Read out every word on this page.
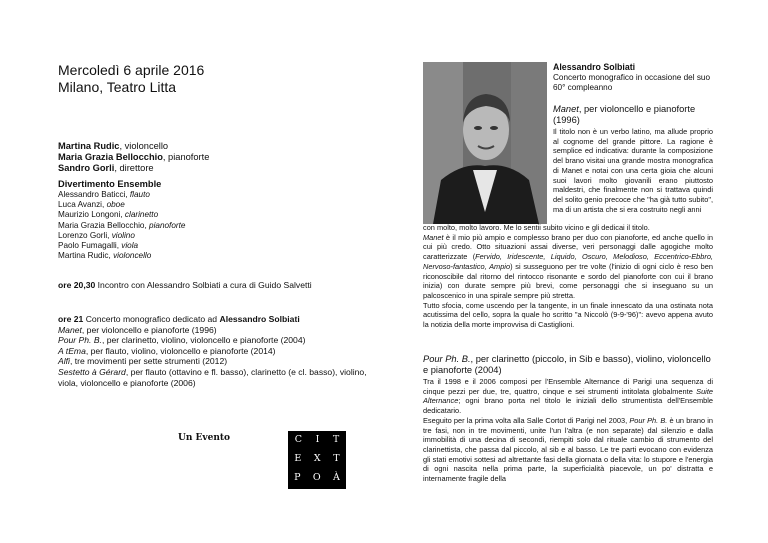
Mercoledì 6 aprile 2016
Milano, Teatro Litta
Martina Rudic, violoncello
Maria Grazia Bellocchio, pianoforte
Sandro Gorli, direttore
Divertimento Ensemble
Alessandro Baticci, flauto
Luca Avanzi, oboe
Maurizio Longoni, clarinetto
Maria Grazia Bellocchio, pianoforte
Lorenzo Gorli, violino
Paolo Fumagalli, viola
Martina Rudic, violoncello
ore 20,30 Incontro con Alessandro Solbiati a cura di Guido Salvetti
ore 21 Concerto monografico dedicato ad Alessandro Solbiati
Manet, per violoncello e pianoforte (1996)
Pour Ph. B., per clarinetto, violino, violoncello e pianoforte (2004)
A tEma, per flauto, violino, violoncello e pianoforte (2014)
Alfi, tre movimenti per sette strumenti (2012)
Sestetto à Gérard, per flauto (ottavino e fl. basso), clarinetto (e cl. basso), violino, viola, violoncello e pianoforte (2006)
Un Evento	C I T
E X T
P O À
Alessandro Solbiati
Concerto monografico in occasione del suo 60° compleanno
Manet, per violoncello e pianoforte (1996)
Il titolo non è un verbo latino, ma allude proprio al cognome del grande pittore. La ragione è semplice ed indicativa: durante la composizione del brano visitai una grande mostra monografica di Manet e notai con una certa gioia che alcuni suoi lavori molto giovanili erano piuttosto maldestri, che finalmente non si trattava quindi del solito genio precoce che "ha già tutto subito", ma di un artista che si era costruito negli anni
con molto, molto lavoro. Me lo sentii subito vicino e gli dedicai il titolo.
Manet è il mio più ampio e complesso brano per duo con pianoforte, ed anche quello in cui più credo. Otto situazioni assai diverse, veri personaggi dalle agogiche molto caratterizzate (Fervido, Iridescente, Liquido, Oscuro, Melodioso, Eccentrico-Ebbro, Nervoso-fantastico, Ampio) si susseguono per tre volte (l'inizio di ogni ciclo è reso ben riconoscibile dal ritorno del rintocco risonante e sordo del pianoforte con cui il brano inizia) con durate sempre più brevi, come personaggi che si inseguano su un palcoscenico in una spirale sempre più stretta.
Tutto sfocia, come uscendo per la tangente, in un finale innescato da una ostinata nota acutissima del cello, sopra la quale ho scritto "a Niccolò (9-9-'96)": avevo appena avuto la notizia della morte improvvisa di Castiglioni.
Pour Ph. B., per clarinetto (piccolo, in Sib e basso), violino, violoncello e pianoforte (2004)
Tra il 1998 e il 2006 composi per l'Ensemble Alternance di Parigi una sequenza di cinque pezzi per due, tre, quattro, cinque e sei strumenti intitolata globalmente Suite Alternance; ogni brano porta nel titolo le iniziali dello strumentista dell'Ensemble dedicatario.
Eseguito per la prima volta alla Salle Cortot di Parigi nel 2003, Pour Ph. B. è un brano in tre fasi, non in tre movimenti, unite l'un l'altra (e non separate) dal silenzio e dalla immobilità di una decina di secondi, riempiti solo dal rituale cambio di strumento del clarinettista, che passa dal piccolo, al sib e al basso. Le tre parti evocano con evidenza gli stati emotivi sottesi ad altrettante fasi della giornata o della vita: lo stupore e l'energia di ogni nascita nella prima parte, la superficialità piacevole, un po' distratta e internamente fragile della
